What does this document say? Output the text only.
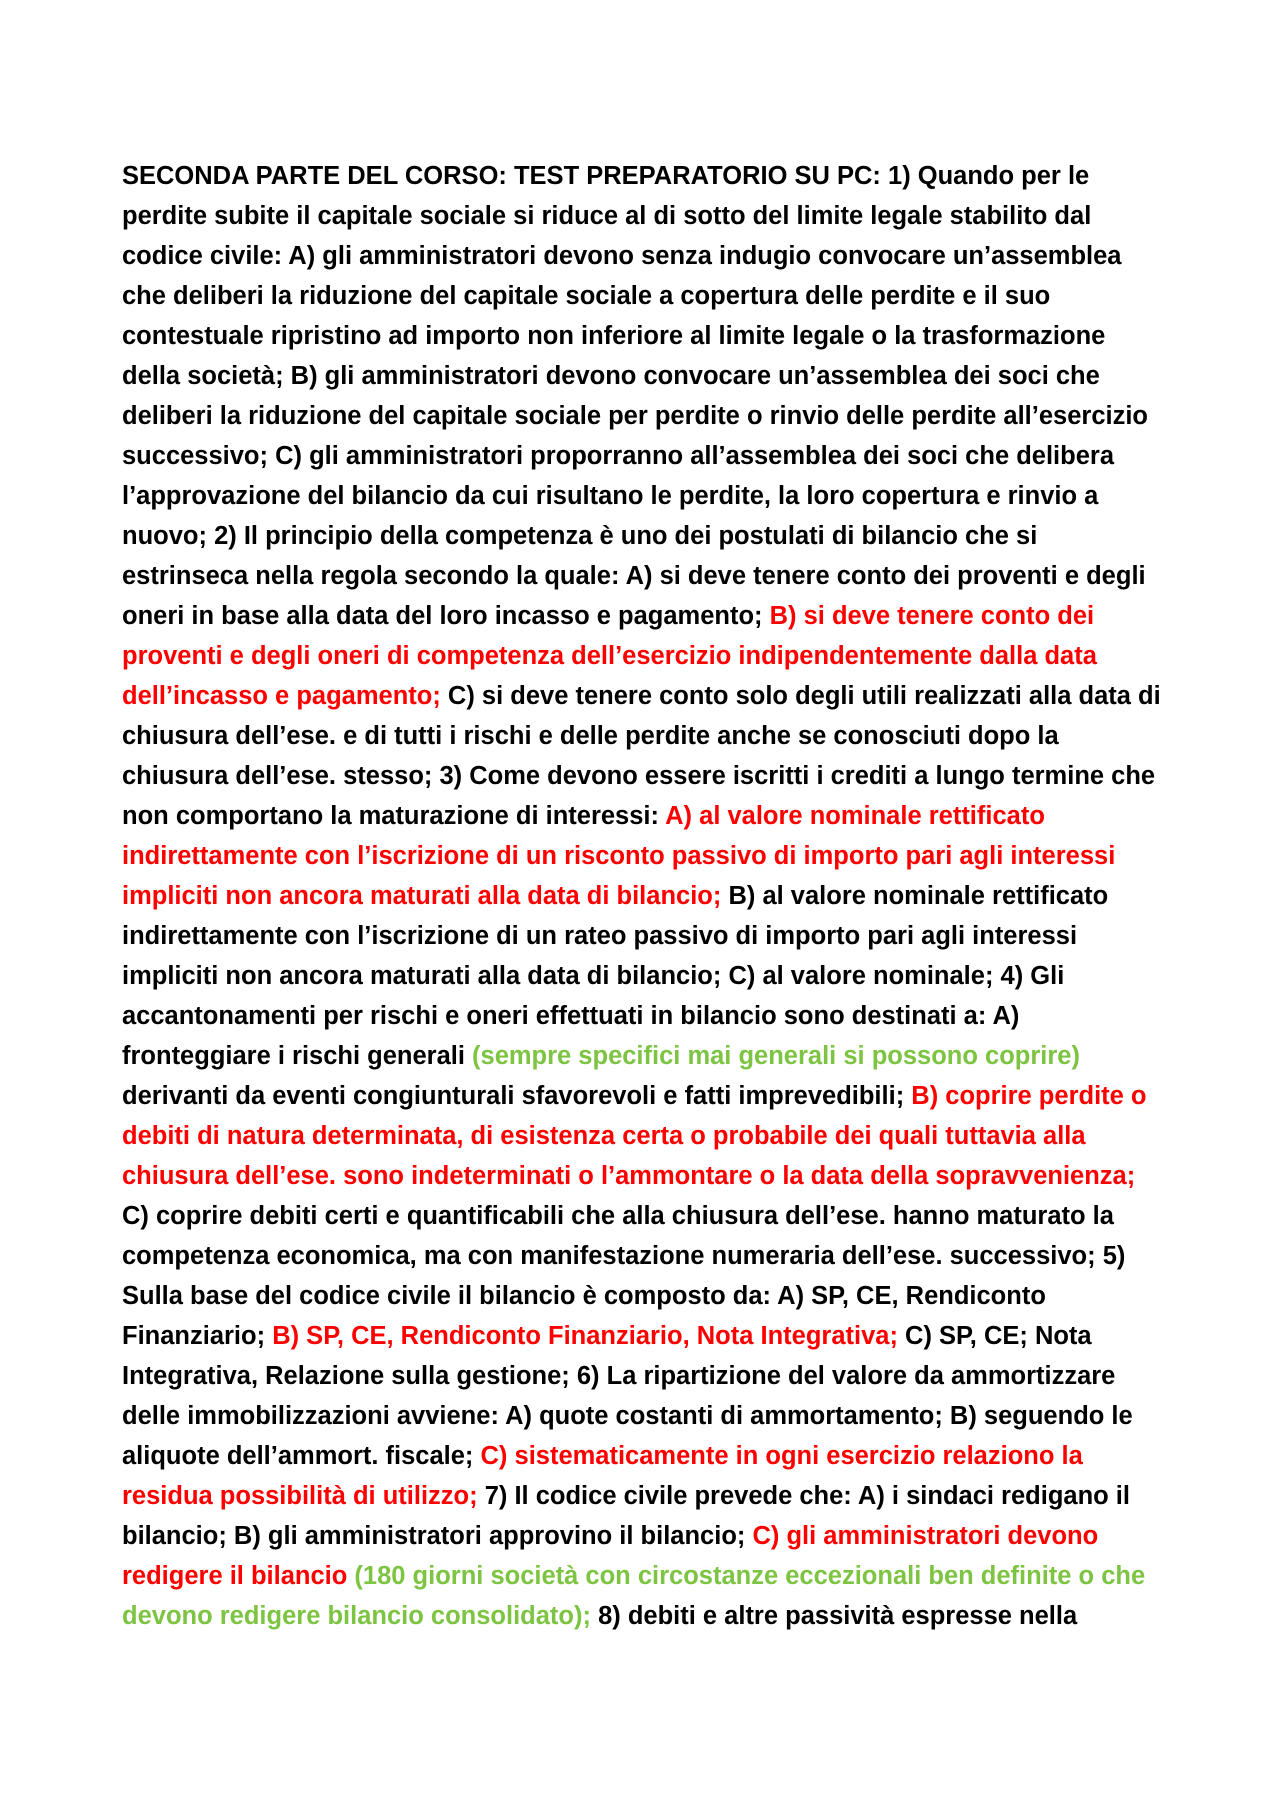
SECONDA PARTE DEL CORSO: TEST PREPARATORIO SU PC: 1) Quando per le perdite subite il capitale sociale si riduce al di sotto del limite legale stabilito dal codice civile: A) gli amministratori devono senza indugio convocare un’assemblea che deliberi la riduzione del capitale sociale a copertura delle perdite e il suo contestuale ripristino ad importo non inferiore al limite legale o la trasformazione della società; B) gli amministratori devono convocare un’assemblea dei soci che deliberi la riduzione del capitale sociale per perdite o rinvio delle perdite all’esercizio successivo; C) gli amministratori proporranno all’assemblea dei soci che delibera l’approvazione del bilancio da cui risultano le perdite, la loro copertura e rinvio a nuovo; 2) Il principio della competenza è uno dei postulati di bilancio che si estrinseca nella regola secondo la quale: A) si deve tenere conto dei proventi e degli oneri in base alla data del loro incasso e pagamento; B) si deve tenere conto dei proventi e degli oneri di competenza dell’esercizio indipendentemente dalla data dell’incasso e pagamento; C) si deve tenere conto solo degli utili realizzati alla data di chiusura dell’ese. e di tutti i rischi e delle perdite anche se conosciuti dopo la chiusura dell’ese. stesso; 3) Come devono essere iscritti i crediti a lungo termine che non comportano la maturazione di interessi: A) al valore nominale rettificato indirettamente con l’iscrizione di un risconto passivo di importo pari agli interessi impliciti non ancora maturati alla data di bilancio; B) al valore nominale rettificato indirettamente con l’iscrizione di un rateo passivo di importo pari agli interessi impliciti non ancora maturati alla data di bilancio; C) al valore nominale; 4) Gli accantonamenti per rischi e oneri effettuati in bilancio sono destinati a: A) fronteggiare i rischi generali (sempre specifici mai generali si possono coprire) derivanti da eventi congiunturali sfavorevoli e fatti imprevedibili; B) coprire perdite o debiti di natura determinata, di esistenza certa o probabile dei quali tuttavia alla chiusura dell’ese. sono indeterminati o l’ammontare o la data della sopravvenienza; C) coprire debiti certi e quantificabili che alla chiusura dell’ese. hanno maturato la competenza economica, ma con manifestazione numeraria dell’ese. successivo; 5) Sulla base del codice civile il bilancio è composto da: A) SP, CE, Rendiconto Finanziario; B) SP, CE, Rendiconto Finanziario, Nota Integrativa; C) SP, CE; Nota Integrativa, Relazione sulla gestione; 6) La ripartizione del valore da ammortizzare delle immobilizzazioni avviene: A) quote costanti di ammortamento; B) seguendo le aliquote dell’ammort. fiscale; C) sistematicamente in ogni esercizio relaziono la residua possibilità di utilizzo; 7) Il codice civile prevede che: A) i sindaci redigano il bilancio; B) gli amministratori approvino il bilancio; C) gli amministratori devono redigere il bilancio (180 giorni società con circostanze eccezionali ben definite o che devono redigere bilancio consolidato); 8) debiti e altre passività espresse nella
